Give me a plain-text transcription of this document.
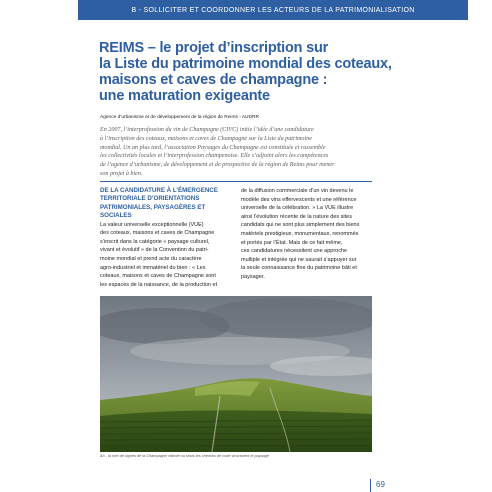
B - SOLLICITER ET COORDONNER LES ACTEURS DE LA PATRIMONIALISATION
REIMS – le projet d’inscription sur
la Liste du patrimoine mondial des coteaux,
maisons et caves de champagne :
une maturation exigeante
Agence d’urbanisme et de développement de la région de Reims - AUDRR
En 2007, l’interprofession du vin de Champagne (CIVC) initie l’idée d’une candidature
à l’inscription des coteaux, maisons et caves de Champagne sur la Liste du patrimoine
mondial. Un an plus tard, l’association Paysages du Champagne est constituée et rassemble
les collectivités locales et l’interprofession champenoise. Elle s’adjoint alors les compétences
de l’agence d’urbanisme, de développement et de prospective de la région de Reims pour mener
son projet à bien.
DE LA CANDIDATURE À L’ÉMERGENCE
TERRITORIALE D’ORIENTATIONS
PATRIMONIALES, PAYSAGÈRES ET
SOCIALES
La valeur universelle exceptionnelle (VUE)
des coteaux, maisons et caves de Champagne
s’inscrit dans la catégorie « paysage culturel,
vivant et évolutif » de la Convention du patri-
moine mondial et prend acte du caractère
agro-industriel et immatériel du bien : « Les
coteaux, maisons et caves de Champagne sont
les espaces de la naissance, de la production et
de la diffusion commerciale d’un vin devenu le
modèle des vins effervescents et une référence
universelle de la célébration. » La VUE illustre
ainsi l’évolution récente de la nature des sites
candidats qui ne sont plus simplement des biens
matériels prestigieux, monumentaux, renommés
et portés par l’État. Mais de ce fait même,
ces candidatures nécessitent une approche
multiple et intégrée qui ne saurait s’appuyer sur
la seule connaissance fine du patrimoine bâti et
paysager.
Ah - la mer de vignes de la Champagne viticole où seuls les chemins de craie structurent le paysage
69
